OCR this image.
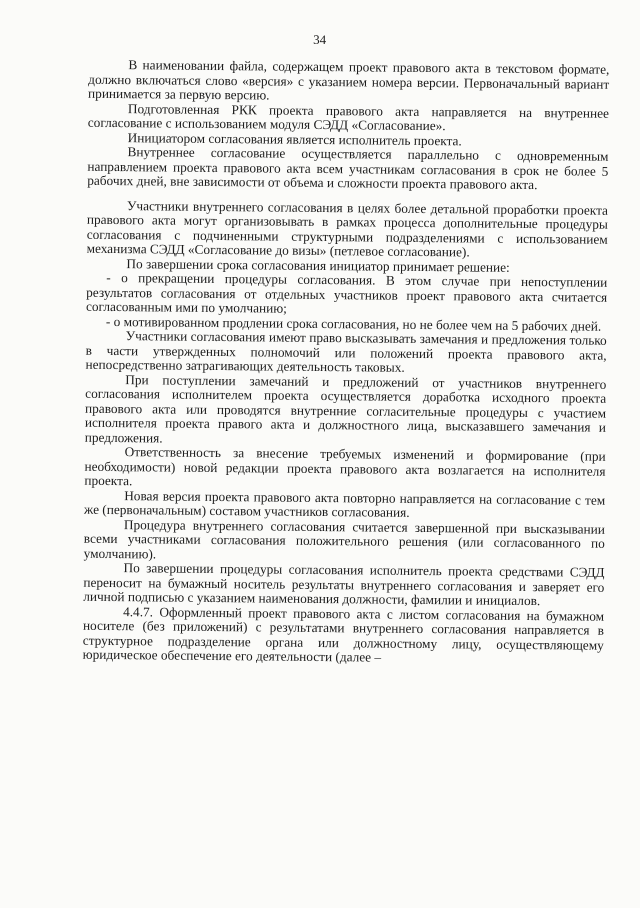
34

В наименовании файла, содержащем проект правового акта в текстовом формате, должно включаться слово «версия» с указанием номера версии. Первоначальный вариант принимается за первую версию.

Подготовленная РКК проекта правового акта направляется на внутреннее согласование с использованием модуля СЭДД «Согласование».

Инициатором согласования является исполнитель проекта.

Внутреннее согласование осуществляется параллельно с одновременным направлением проекта правового акта всем участникам согласования в срок не более 5 рабочих дней, вне зависимости от объема и сложности проекта правового акта.

Участники внутреннего согласования в целях более детальной проработки проекта правового акта могут организовывать в рамках процесса дополнительные процедуры согласования с подчиненными структурными подразделениями с использованием механизма СЭДД «Согласование до визы» (петлевое согласование).

По завершении срока согласования инициатор принимает решение:

- о прекращении процедуры согласования. В этом случае при непоступлении результатов согласования от отдельных участников проект правового акта считается согласованным ими по умолчанию;

- о мотивированном продлении срока согласования, но не более чем на 5 рабочих дней.

Участники согласования имеют право высказывать замечания и предложения только в части утвержденных полномочий или положений проекта правового акта, непосредственно затрагивающих деятельность таковых.

При поступлении замечаний и предложений от участников внутреннего согласования исполнителем проекта осуществляется доработка исходного проекта правового акта или проводятся внутренние согласительные процедуры с участием исполнителя проекта правого акта и должностного лица, высказавшего замечания и предложения.

Ответственность за внесение требуемых изменений и формирование (при необходимости) новой редакции проекта правового акта возлагается на исполнителя проекта.

Новая версия проекта правового акта повторно направляется на согласование с тем же (первоначальным) составом участников согласования.

Процедура внутреннего согласования считается завершенной при высказывании всеми участниками согласования положительного решения (или согласованного по умолчанию).

По завершении процедуры согласования исполнитель проекта средствами СЭДД переносит на бумажный носитель результаты внутреннего согласования и заверяет его личной подписью с указанием наименования должности, фамилии и инициалов.

4.4.7. Оформленный проект правового акта с листом согласования на бумажном носителе (без приложений) с результатами внутреннего согласования направляется в структурное подразделение органа или должностному лицу, осуществляющему юридическое обеспечение его деятельности (далее –
